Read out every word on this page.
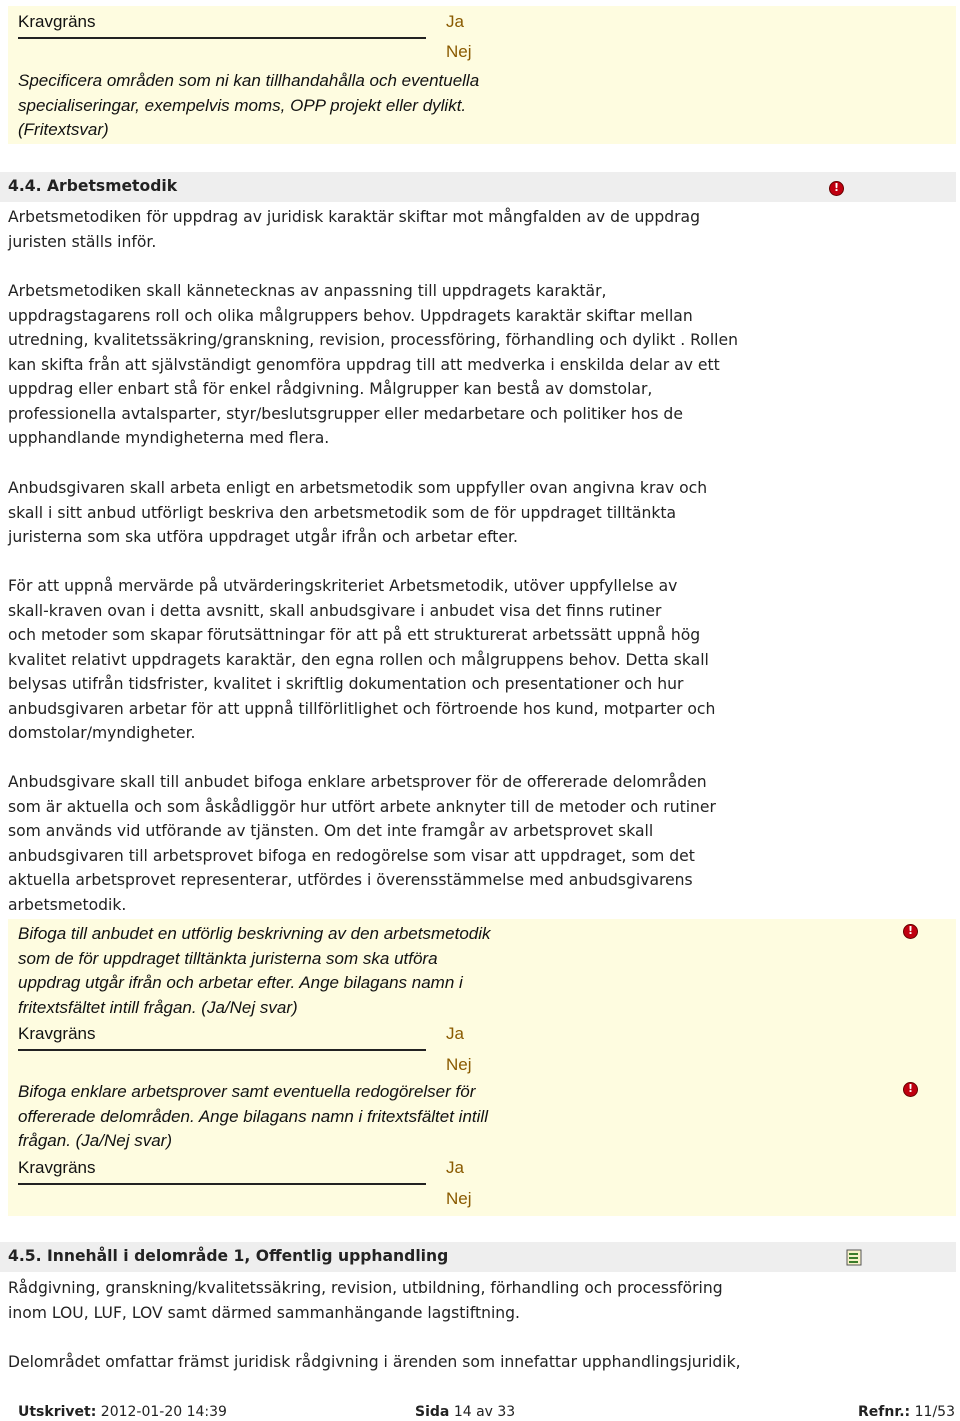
Kravgräns	Ja
Nej
Specificera områden som ni kan tillhandahålla och eventuella
specialiseringar, exempelvis moms, OPP projekt eller dylikt.
(Fritextsvar)
4.4. Arbetsmetodik
!
Arbetsmetodiken för uppdrag av juridisk karaktär skiftar mot mångfalden av de uppdrag
juristen ställs inför.
Arbetsmetodiken skall kännetecknas av anpassning till uppdragets karaktär,
uppdragstagarens roll och olika målgruppers behov. Uppdragets karaktär skiftar mellan
utredning, kvalitetssäkring/granskning, revision, processföring, förhandling och dylikt . Rollen
kan skifta från att självständigt genomföra uppdrag till att medverka i enskilda delar av ett
uppdrag eller enbart stå för enkel rådgivning. Målgrupper kan bestå av domstolar,
professionella avtalsparter, styr/beslutsgrupper eller medarbetare och politiker hos de
upphandlande myndigheterna med flera.
Anbudsgivaren skall arbeta enligt en arbetsmetodik som uppfyller ovan angivna krav och
skall i sitt anbud utförligt beskriva den arbetsmetodik som de för uppdraget tilltänkta
juristerna som ska utföra uppdraget utgår ifrån och arbetar efter.
För att uppnå mervärde på utvärderingskriteriet Arbetsmetodik, utöver uppfyllelse av
skall-kraven ovan i detta avsnitt, skall anbudsgivare i anbudet visa det finns rutiner
och metoder som skapar förutsättningar för att på ett strukturerat arbetssätt uppnå hög
kvalitet relativt uppdragets karaktär, den egna rollen och målgruppens behov. Detta skall
belysas utifrån tidsfrister, kvalitet i skriftlig dokumentation och presentationer och hur
anbudsgivaren arbetar för att uppnå tillförlitlighet och förtroende hos kund, motparter och
domstolar/myndigheter.
Anbudsgivare skall till anbudet bifoga enklare arbetsprover för de offererade delområden
som är aktuella och som åskådliggör hur utfört arbete anknyter till de metoder och rutiner
som används vid utförande av tjänsten. Om det inte framgår av arbetsprovet skall
anbudsgivaren till arbetsprovet bifoga en redogörelse som visar att uppdraget, som det
aktuella arbetsprovet representerar, utfördes i överensstämmelse med anbudsgivarens
arbetsmetodik.
Bifoga till anbudet en utförlig beskrivning av den arbetsmetodik
som de för uppdraget tilltänkta juristerna som ska utföra
uppdrag utgår ifrån och arbetar efter. Ange bilagans namn i
fritextsfältet intill frågan. (Ja/Nej svar)
!
Kravgräns	Ja
Nej
Bifoga enklare arbetsprover samt eventuella redogörelser för
offererade delområden. Ange bilagans namn i fritextsfältet intill
frågan. (Ja/Nej svar)
!
Kravgräns	Ja
Nej
4.5. Innehåll i delområde 1, Offentlig upphandling
Rådgivning, granskning/kvalitetssäkring, revision, utbildning, förhandling och processföring
inom LOU, LUF, LOV samt därmed sammanhängande lagstiftning.
Delområdet omfattar främst juridisk rådgivning i ärenden som innefattar upphandlingsjuridik,
Utskrivet: 2012-01-20 14:39	Sida 14 av 33	Refnr.: 11/53
